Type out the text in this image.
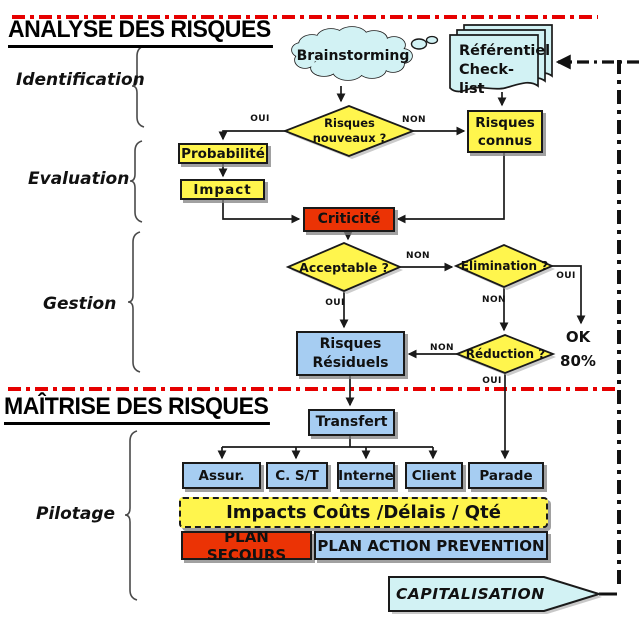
ANALYSE DES RISQUES
MAÎTRISE DES RISQUES
Identification
Evaluation
Gestion
Pilotage
Brainstorming	Référentiel
Check-list
Risques
nouveaux ?
Acceptable ?	Elimination ?
Réduction ?
Risques
connus
Probabilité
Impact
Criticité
Risques
Résiduels
Transfert
Assur.	C. S/T	Interne	Client	Parade
Impacts Coûts /Délais / Qté
PLAN SECOURS	PLAN ACTION PREVENTION
CAPITALISATION
OUI	NON
NON
OUI
OUI
NON
NON
OUI
OK
80%
